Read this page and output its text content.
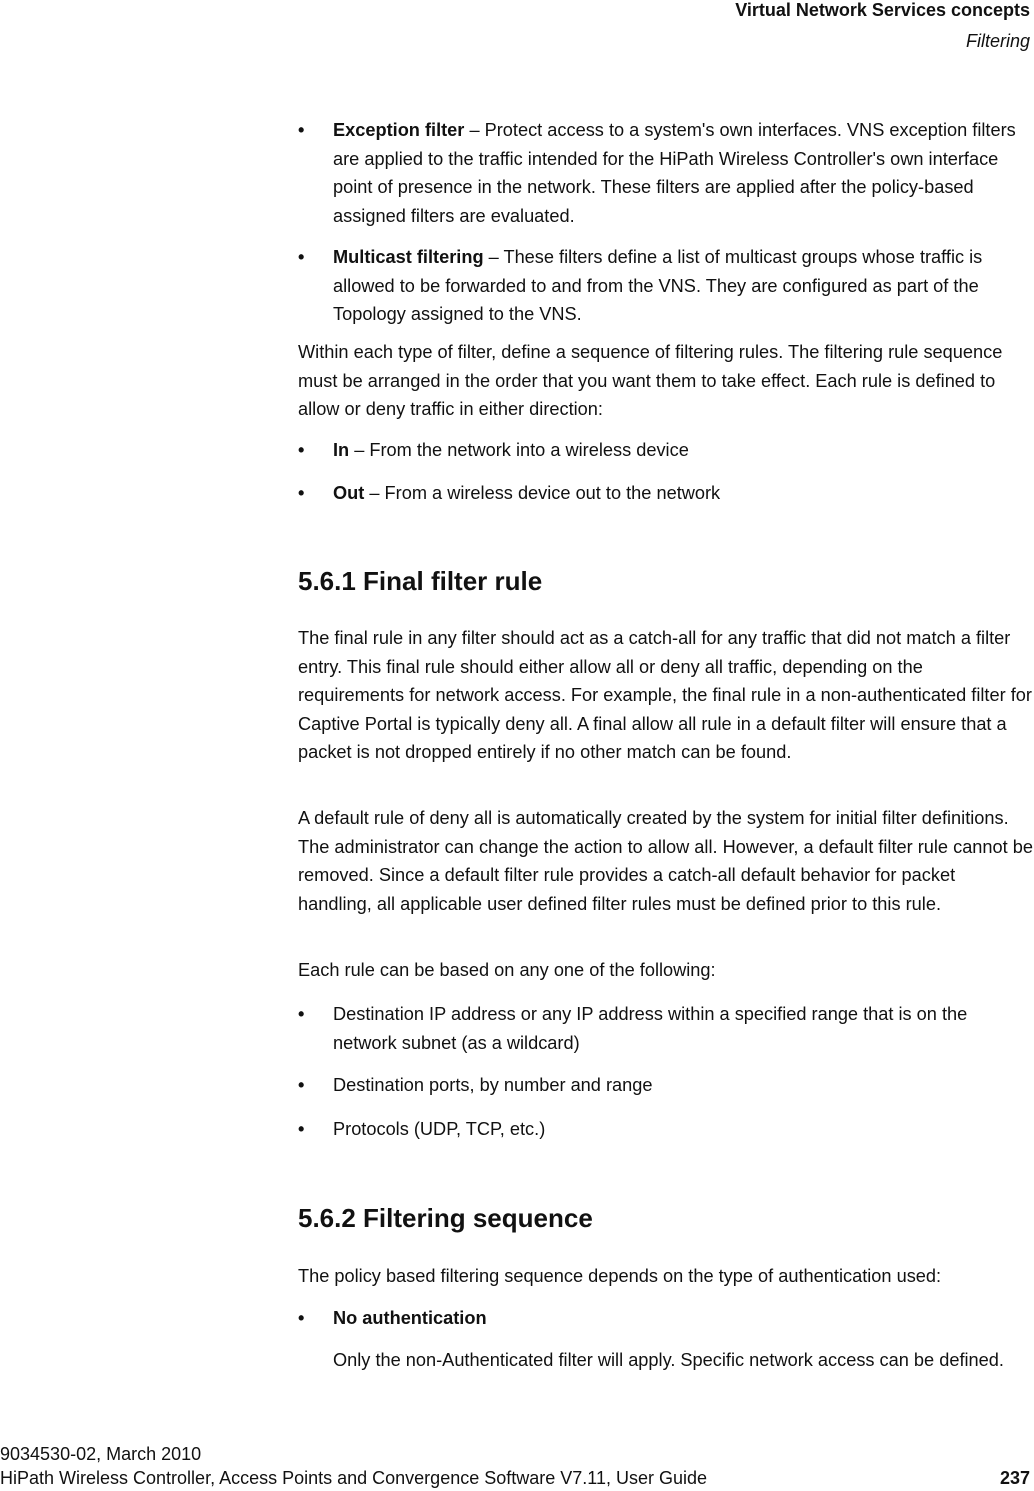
Virtual Network Services concepts
Filtering
• Exception filter – Protect access to a system's own interfaces. VNS exception filters are applied to the traffic intended for the HiPath Wireless Controller's own interface point of presence in the network. These filters are applied after the policy-based assigned filters are evaluated.
• Multicast filtering – These filters define a list of multicast groups whose traffic is allowed to be forwarded to and from the VNS. They are configured as part of the Topology assigned to the VNS.

Within each type of filter, define a sequence of filtering rules. The filtering rule sequence must be arranged in the order that you want them to take effect. Each rule is defined to allow or deny traffic in either direction:

• In – From the network into a wireless device
• Out – From a wireless device out to the network
5.6.1 Final filter rule

The final rule in any filter should act as a catch-all for any traffic that did not match a filter entry. This final rule should either allow all or deny all traffic, depending on the requirements for network access. For example, the final rule in a non-authenticated filter for Captive Portal is typically deny all. A final allow all rule in a default filter will ensure that a packet is not dropped entirely if no other match can be found.

A default rule of deny all is automatically created by the system for initial filter definitions. The administrator can change the action to allow all. However, a default filter rule cannot be removed. Since a default filter rule provides a catch-all default behavior for packet handling, all applicable user defined filter rules must be defined prior to this rule.

Each rule can be based on any one of the following:

• Destination IP address or any IP address within a specified range that is on the network subnet (as a wildcard)
• Destination ports, by number and range
• Protocols (UDP, TCP, etc.)
5.6.2 Filtering sequence

The policy based filtering sequence depends on the type of authentication used:

• No authentication

Only the non-Authenticated filter will apply. Specific network access can be defined.

9034530-02, March 2010
HiPath Wireless Controller, Access Points and Convergence Software V7.11, User Guide	237
